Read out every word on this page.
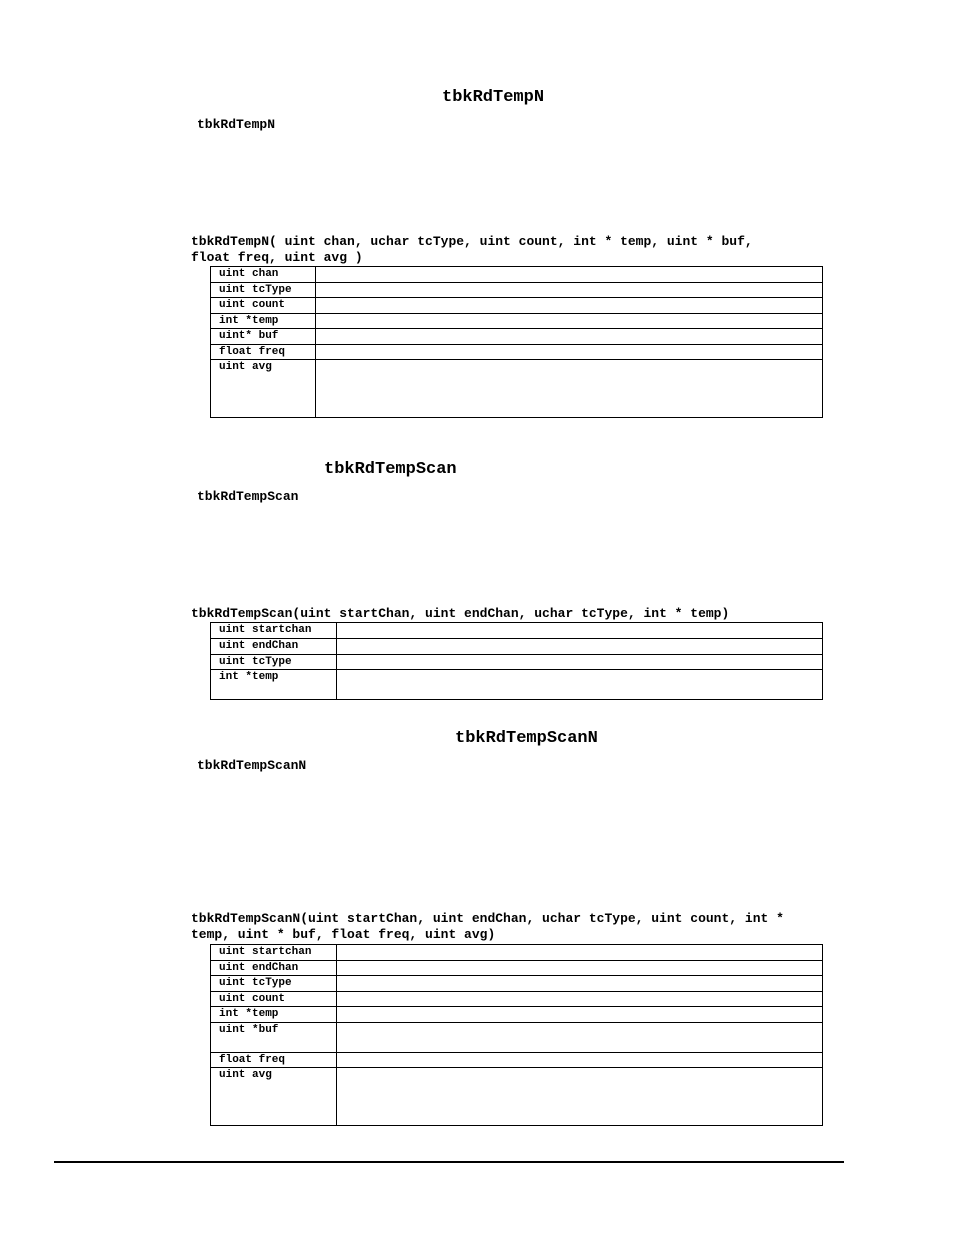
tbkRdTempN
tbkRdTempN
tbkRdTempN( uint chan, uchar tcType, uint count, int * temp, uint * buf,
float freq, uint avg )
uint chan	
uint tcType	
uint count	
int *temp	
uint* buf	
float freq	
uint avg	
tbkRdTempScan
tbkRdTempScan
tbkRdTempScan(uint startChan, uint endChan, uchar tcType, int * temp)
uint startchan	
uint endChan	
uint tcType	
int *temp	
tbkRdTempScanN
tbkRdTempScanN
tbkRdTempScanN(uint startChan, uint endChan, uchar tcType, uint count, int *
temp, uint * buf, float freq, uint avg)
uint startchan	
uint endChan	
uint tcType	
uint count	
int *temp	
uint *buf	
float freq	
uint avg	
